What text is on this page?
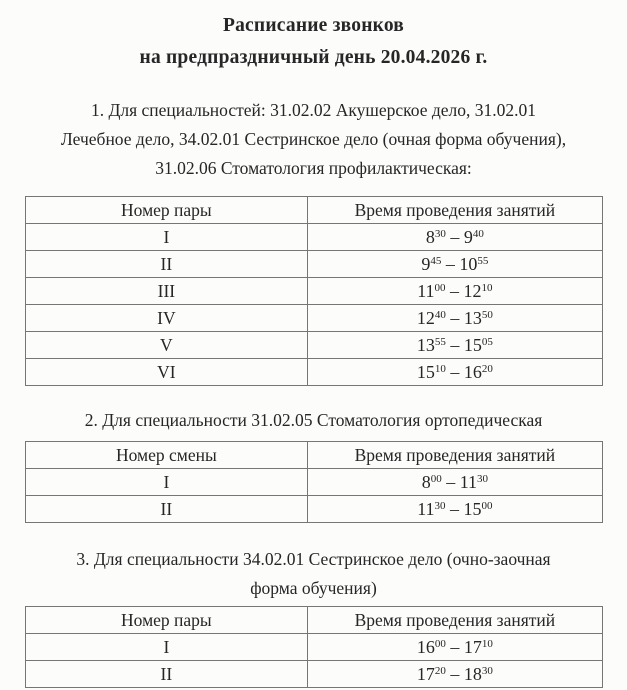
Расписание звонков
на предпраздничный день 20.04.2026 г.
1. Для специальностей: 31.02.02 Акушерское дело, 31.02.01
Лечебное дело, 34.02.01 Сестринское дело (очная форма обучения),
31.02.06 Стоматология профилактическая:
Номер пары	Время проведения занятий
I	$8^{30} - 9^{40}$
II	$9^{45} - 10^{55}$
III	$11^{00} - 12^{10}$
IV	$12^{40} - 13^{50}$
V	$13^{55} - 15^{05}$
VI	$15^{10} - 16^{20}$
2. Для специальности 31.02.05 Стоматология ортопедическая
Номер смены	Время проведения занятий
I	$8^{00} - 11^{30}$
II	$11^{30} - 15^{00}$
3. Для специальности 34.02.01 Сестринское дело (очно-заочная
форма обучения)
Номер пары	Время проведения занятий
I	$16^{00} - 17^{10}$
II	$17^{20} - 18^{30}$
